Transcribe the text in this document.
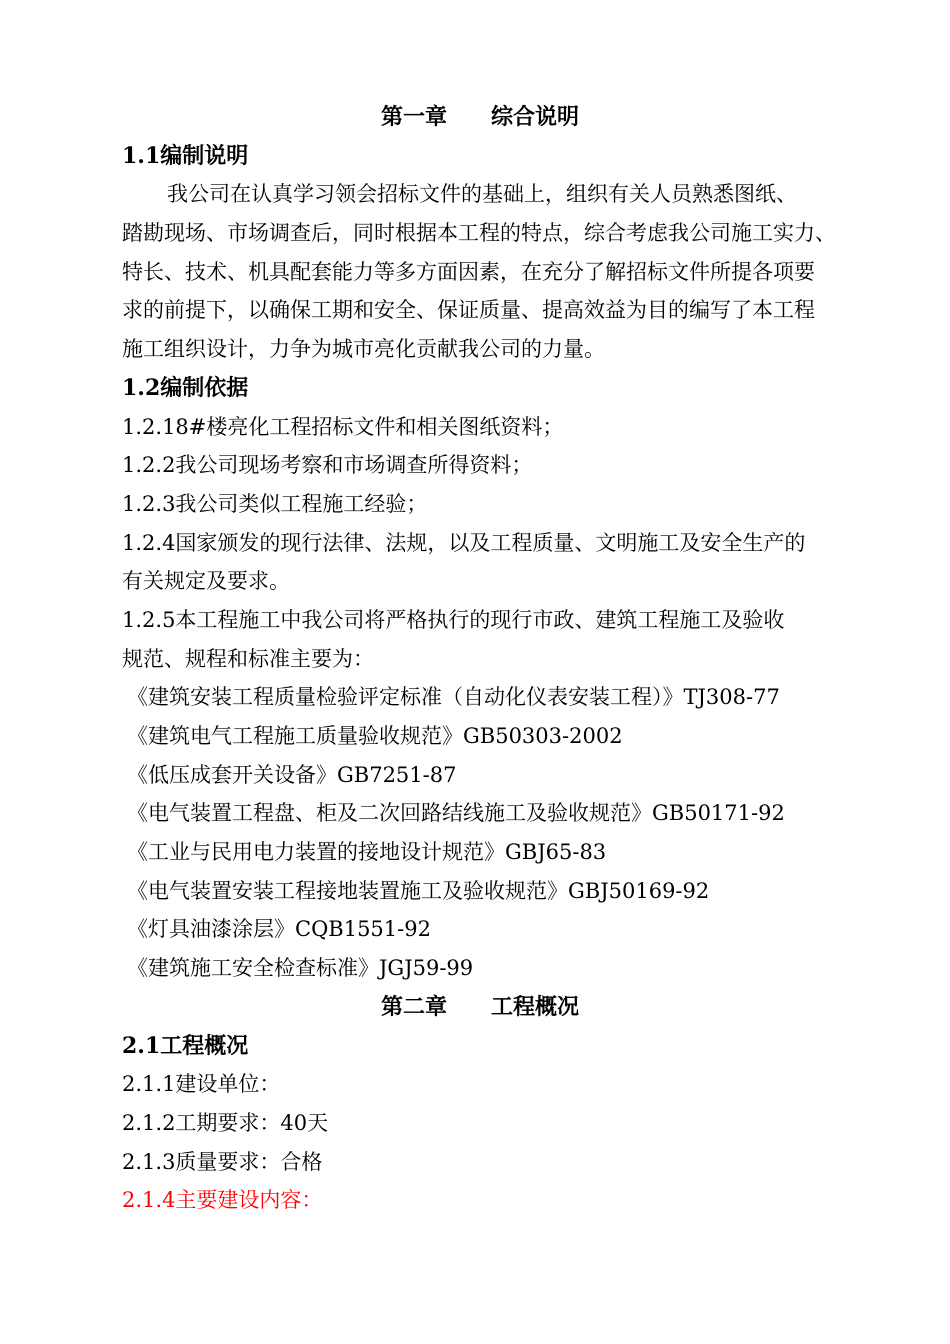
第一章 综合说明
1.1编制说明
我公司在认真学习领会招标文件的基础上，组织有关人员熟悉图纸、
踏勘现场、市场调查后，同时根据本工程的特点，综合考虑我公司施工实力、
特长、技术、机具配套能力等多方面因素，在充分了解招标文件所提各项要
求的前提下，以确保工期和安全、保证质量、提高效益为目的编写了本工程
施工组织设计，力争为城市亮化贡献我公司的力量。
1.2编制依据
1.2.18#楼亮化工程招标文件和相关图纸资料；
1.2.2我公司现场考察和市场调查所得资料；
1.2.3我公司类似工程施工经验；
1.2.4国家颁发的现行法律、法规，以及工程质量、文明施工及安全生产的
有关规定及要求。
1.2.5本工程施工中我公司将严格执行的现行市政、建筑工程施工及验收
规范、规程和标准主要为：
《建筑安装工程质量检验评定标准（自动化仪表安装工程）》TJ308-77
《建筑电气工程施工质量验收规范》GB50303-2002
《低压成套开关设备》GB7251-87
《电气装置工程盘、柜及二次回路结线施工及验收规范》GB50171-92
《工业与民用电力装置的接地设计规范》GBJ65-83
《电气装置安装工程接地装置施工及验收规范》GBJ50169-92
《灯具油漆涂层》CQB1551-92
《建筑施工安全检查标准》JGJ59-99
第二章 工程概况
2.1工程概况
2.1.1建设单位：
2.1.2工期要求：40天
2.1.3质量要求：合格
2.1.4主要建设内容：
